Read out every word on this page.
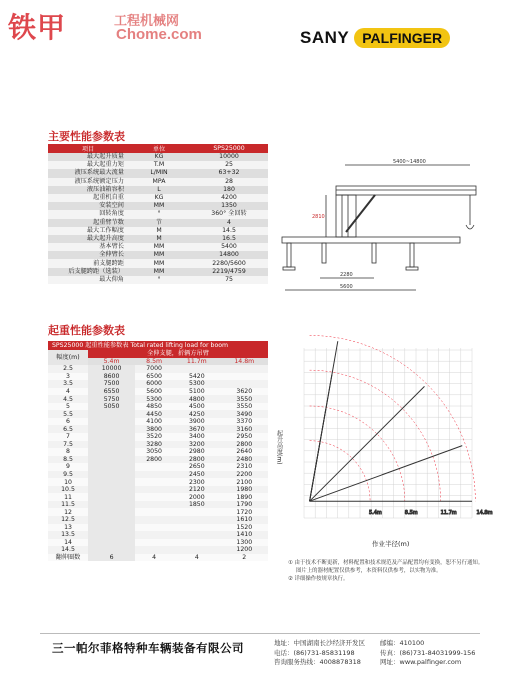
铁甲	工程机械网
Chome.com	SANY PALFINGER
主要性能参数表
项目	单位	SPS25000
最大起升质量	KG	10000
最大起重力矩	T.M	25
液压系统最大流量	L/MIN	63+32
液压系统额定压力	MPA	28
液压油箱容积	L	180
起重机自重	KG	4200
安装空间	MM	1350
回转角度	°	360° 全回转
起重臂节数	节	4
最大工作幅度	M	14.5
最大起升高度	M	16.5
基本臂长	MM	5400
全伸臂长	MM	14800
前支腿跨距	MM	2280/5600
后支腿跨距（选装）	MM	2219/4759
最大仰角	°	75
起重性能参数表
SPS25000 起重性能参数表 Total rated lifting load for boom				
幅度(m)	全伸支腿，折辆方吊臂			
	5.4m	8.5m	11.7m	14.8m
2.5	10000	7000		
3	8600	6500	5420	
3.5	7500	6000	5300	
4	6550	5600	5100	3620
4.5	5750	5300	4800	3550
5	5050	4850	4500	3550
5.5		4450	4250	3490
6		4100	3900	3370
6.5		3800	3670	3160
7		3520	3400	2950
7.5		3280	3200	2800
8		3050	2980	2640
8.5		2800	2800	2480
9			2650	2310
9.5			2450	2200
10			2300	2100
10.5			2120	1980
11			2000	1890
11.5			1850	1790
12				1720
12.5				1610
13				1520
13.5				1410
14				1300
14.5				1200
翻伸圈数	6	4	4	2
5400~14800
2810
2280
5600
5.4m	8.5m	11.7m	14.8m
起升高度(m)
作业半径(m)
① 由于技术不断更新，材料配置和技术规范及产品配置均有变换，恕不另行通知。
图片上的器材配置仅供参考，本资料仅供参考，以实物为准。
② 详细操作按规章执行。
三一帕尔菲格特种车辆装备有限公司	地址：中国湖南长沙经济开发区
电话：(86)731-85831198
咨询服务热线：4008878318
邮编：410100
传真：(86)731-84031999-156
网址：www.palfinger.com
